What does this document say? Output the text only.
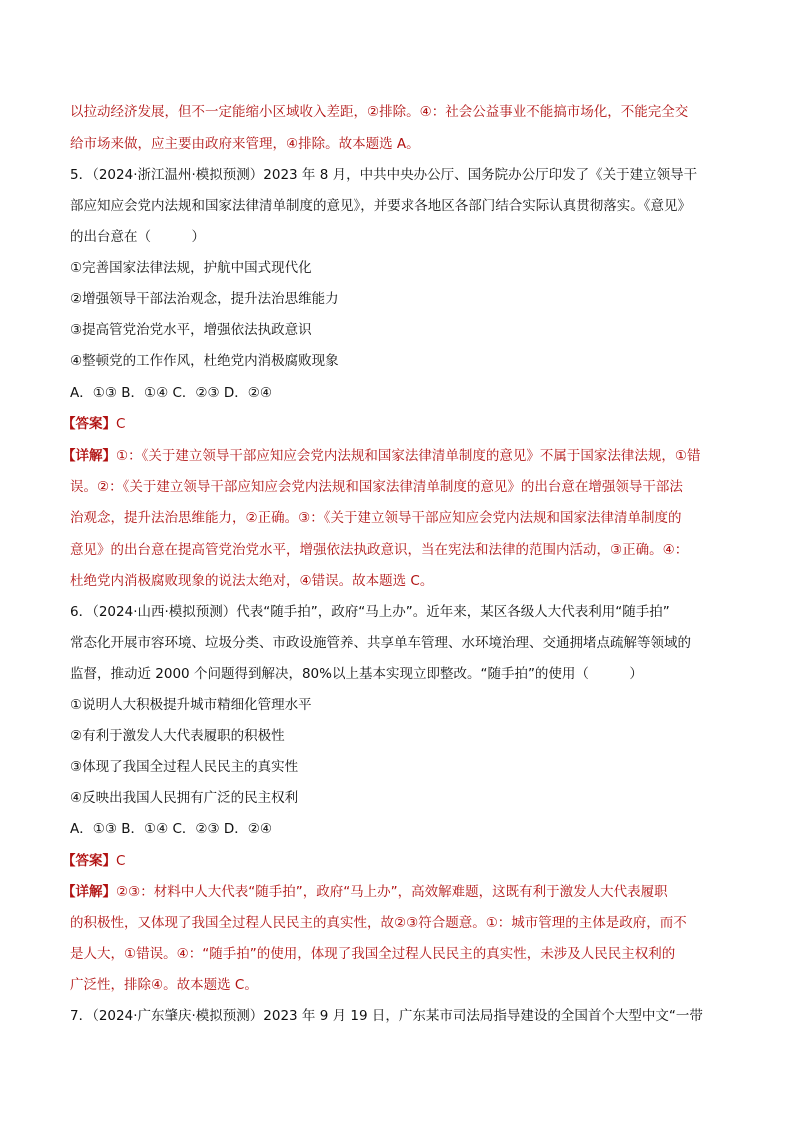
以拉动经济发展，但不一定能缩小区域收入差距，②排除。④：社会公益事业不能搞市场化，不能完全交
给市场来做，应主要由政府来管理，④排除。故本题选 A。
5．（2024·浙江温州·模拟预测）2023 年 8 月，中共中央办公厅、国务院办公厅印发了《关于建立领导干
部应知应会党内法规和国家法律清单制度的意见》，并要求各地区各部门结合实际认真贯彻落实。《意见》
的出台意在（　　　）
①完善国家法律法规，护航中国式现代化
②增强领导干部法治观念，提升法治思维能力
③提高管党治党水平，增强依法执政意识
④整顿党的工作作风，杜绝党内消极腐败现象
A．①③ B．①④ C．②③ D．②④
【答案】C
【详解】①：《关于建立领导干部应知应会党内法规和国家法律清单制度的意见》不属于国家法律法规，①错
误。②：《关于建立领导干部应知应会党内法规和国家法律清单制度的意见》的出台意在增强领导干部法
治观念，提升法治思维能力，②正确。③：《关于建立领导干部应知应会党内法规和国家法律清单制度的
意见》的出台意在提高管党治党水平，增强依法执政意识，当在宪法和法律的范围内活动，③正确。④：
杜绝党内消极腐败现象的说法太绝对，④错误。故本题选 C。
6．（2024·山西·模拟预测）代表“随手拍”，政府“马上办”。近年来，某区各级人大代表利用“随手拍”
常态化开展市容环境、垃圾分类、市政设施管养、共享单车管理、水环境治理、交通拥堵点疏解等领域的
监督，推动近 2000 个问题得到解决，80%以上基本实现立即整改。“随手拍”的使用（　　　）
①说明人大积极提升城市精细化管理水平
②有利于激发人大代表履职的积极性
③体现了我国全过程人民民主的真实性
④反映出我国人民拥有广泛的民主权利
A．①③ B．①④ C．②③ D．②④
【答案】C
【详解】②③：材料中人大代表“随手拍”，政府“马上办”，高效解难题，这既有利于激发人大代表履职
的积极性，又体现了我国全过程人民民主的真实性，故②③符合题意。①：城市管理的主体是政府，而不
是人大，①错误。④：“随手拍”的使用，体现了我国全过程人民民主的真实性，未涉及人民民主权利的
广泛性，排除④。故本题选 C。
7．（2024·广东肇庆·模拟预测）2023 年 9 月 19 日，广东某市司法局指导建设的全国首个大型中文“一带
